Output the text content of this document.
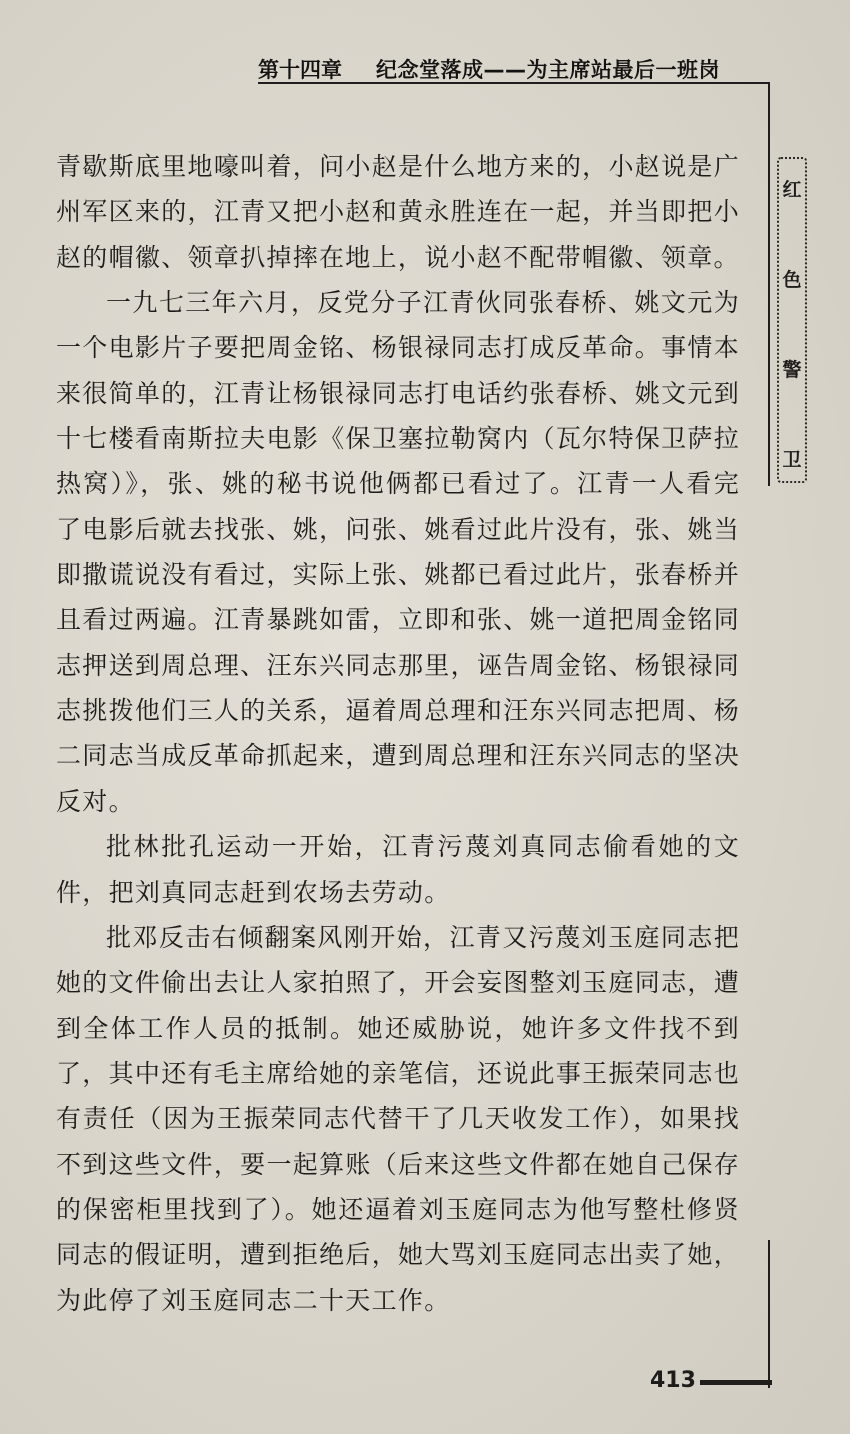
第十四章 纪念堂落成——为主席站最后一班岗
红
色
警
卫

青歇斯底里地嚎叫着，问小赵是什么地方来的，小赵说是广州军区来的，江青又把小赵和黄永胜连在一起，并当即把小赵的帽徽、领章扒掉摔在地上，说小赵不配带帽徽、领章。

一九七三年六月，反党分子江青伙同张春桥、姚文元为一个电影片子要把周金铭、杨银禄同志打成反革命。事情本来很简单的，江青让杨银禄同志打电话约张春桥、姚文元到十七楼看南斯拉夫电影《保卫塞拉勒窝内（瓦尔特保卫萨拉热窝）》，张、姚的秘书说他俩都已看过了。江青一人看完了电影后就去找张、姚，问张、姚看过此片没有，张、姚当即撒谎说没有看过，实际上张、姚都已看过此片，张春桥并且看过两遍。江青暴跳如雷，立即和张、姚一道把周金铭同志押送到周总理、汪东兴同志那里，诬告周金铭、杨银禄同志挑拨他们三人的关系，逼着周总理和汪东兴同志把周、杨二同志当成反革命抓起来，遭到周总理和汪东兴同志的坚决反对。

批林批孔运动一开始，江青污蔑刘真同志偷看她的文件，把刘真同志赶到农场去劳动。

批邓反击右倾翻案风刚开始，江青又污蔑刘玉庭同志把她的文件偷出去让人家拍照了，开会妄图整刘玉庭同志，遭到全体工作人员的抵制。她还威胁说，她许多文件找不到了，其中还有毛主席给她的亲笔信，还说此事王振荣同志也有责任（因为王振荣同志代替干了几天收发工作），如果找不到这些文件，要一起算账（后来这些文件都在她自己保存的保密柜里找到了）。她还逼着刘玉庭同志为他写整杜修贤同志的假证明，遭到拒绝后，她大骂刘玉庭同志出卖了她，为此停了刘玉庭同志二十天工作。

413
